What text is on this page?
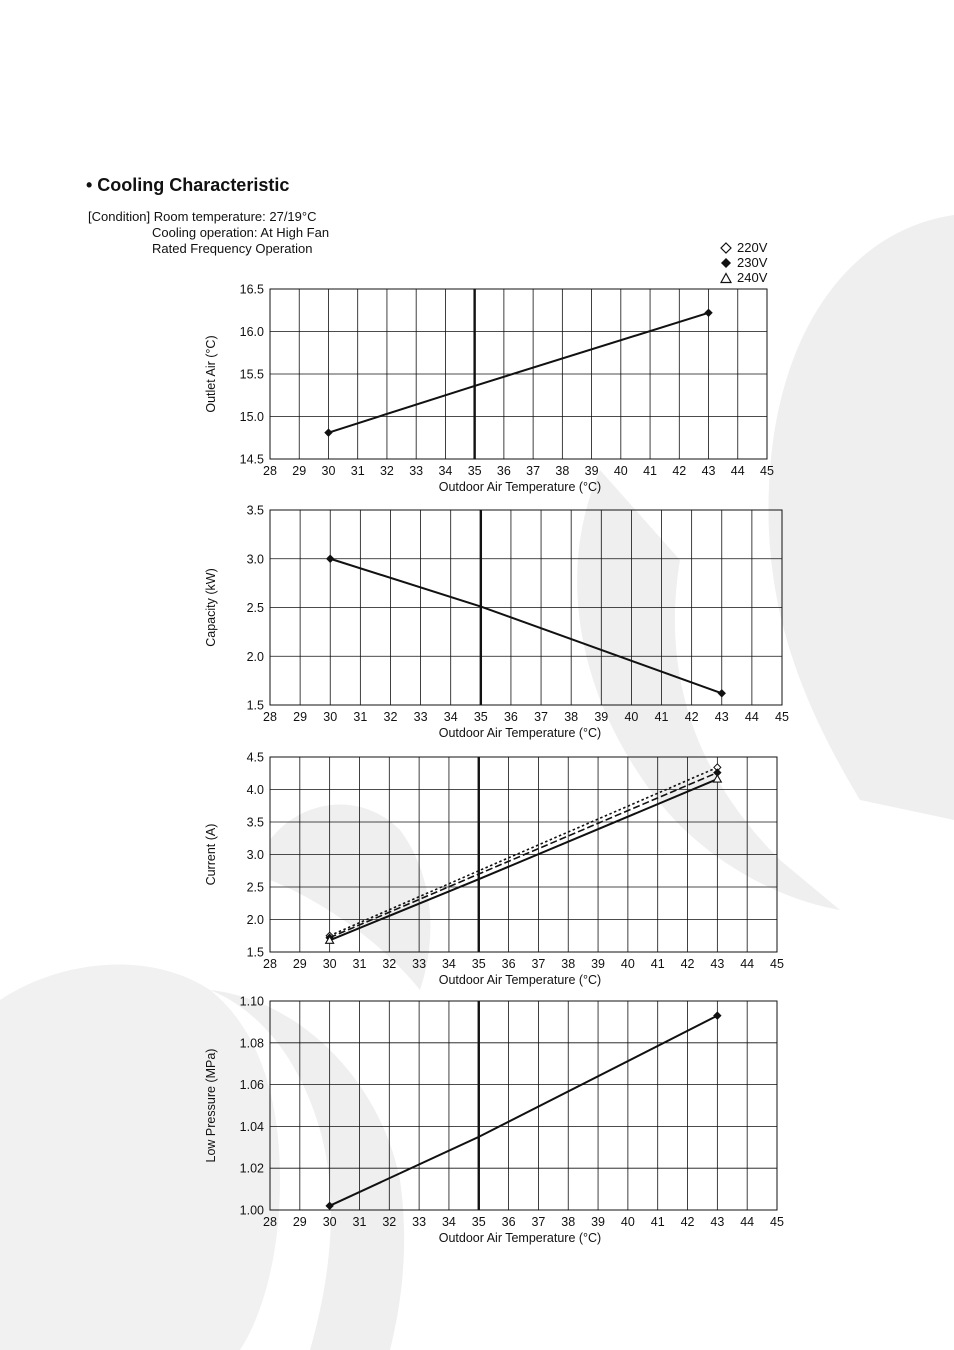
• Cooling Characteristic
[Condition] Room temperature: 27/19°C
Cooling operation: At High Fan
Rated Frequency Operation	220V
230V
240V
28 29 30 31 32 33 34 35 36 37 38 39 40 41 42 43 44 45
14.5
15.0
15.5
16.0
16.5
Outdoor Air Temperature (°C)
Outlet Air (°C)
28 29 30 31 32 33 34 35 36 37 38 39 40 41 42 43 44 45
1.5
2.0
2.5
3.0
3.5
Outdoor Air Temperature (°C)
Capacity (kW)
28 29 30 31 32 33 34 35 36 37 38 39 40 41 42 43 44 45
1.5
2.0
2.5
3.0
3.5
4.0
4.5
Outdoor Air Temperature (°C)
Current (A)
28 29 30 31 32 33 34 35 36 37 38 39 40 41 42 43 44 45
1.00
1.02
1.04
1.06
1.08
1.10
Outdoor Air Temperature (°C)
Low Pressure (MPa)
